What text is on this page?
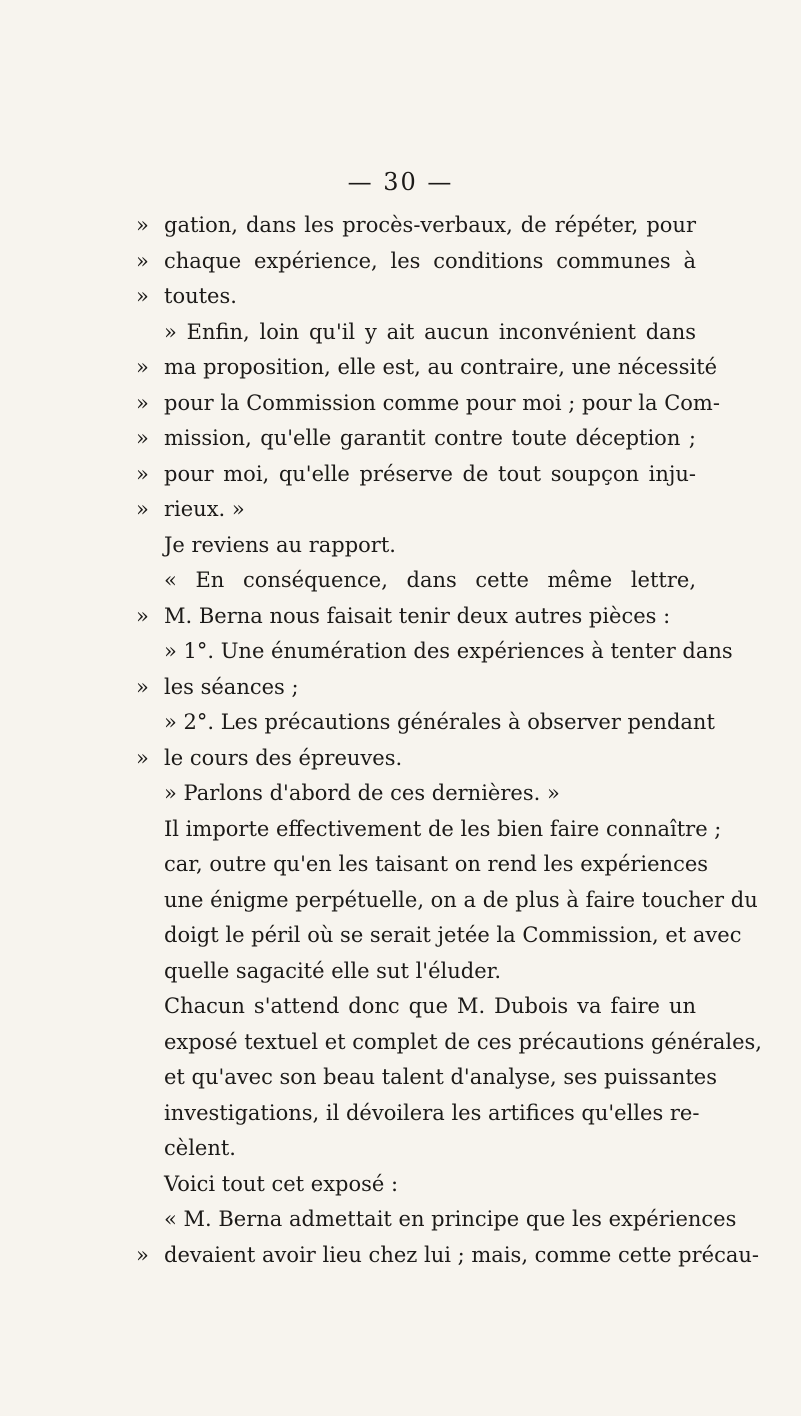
— 30 —
» gation, dans les procès-verbaux, de répéter, pour
» chaque expérience, les conditions communes à
» toutes.
» Enfin, loin qu'il y ait aucun inconvénient dans
» ma proposition, elle est, au contraire, une nécessité
» pour la Commission comme pour moi ; pour la Com-
» mission, qu'elle garantit contre toute déception ;
» pour moi, qu'elle préserve de tout soupçon inju-
» rieux. »
Je reviens au rapport.
« En conséquence, dans cette même lettre,
» M. Berna nous faisait tenir deux autres pièces :
» 1°. Une énumération des expériences à tenter dans
» les séances ;
» 2°. Les précautions générales à observer pendant
» le cours des épreuves.
» Parlons d'abord de ces dernières. »
Il importe effectivement de les bien faire connaître ;
car, outre qu'en les taisant on rend les expériences
une énigme perpétuelle, on a de plus à faire toucher du
doigt le péril où se serait jetée la Commission, et avec
quelle sagacité elle sut l'éluder.
Chacun s'attend donc que M. Dubois va faire un
exposé textuel et complet de ces précautions générales,
et qu'avec son beau talent d'analyse, ses puissantes
investigations, il dévoilera les artifices qu'elles re-
cèlent.
Voici tout cet exposé :
« M. Berna admettait en principe que les expériences
» devaient avoir lieu chez lui ; mais, comme cette précau-
